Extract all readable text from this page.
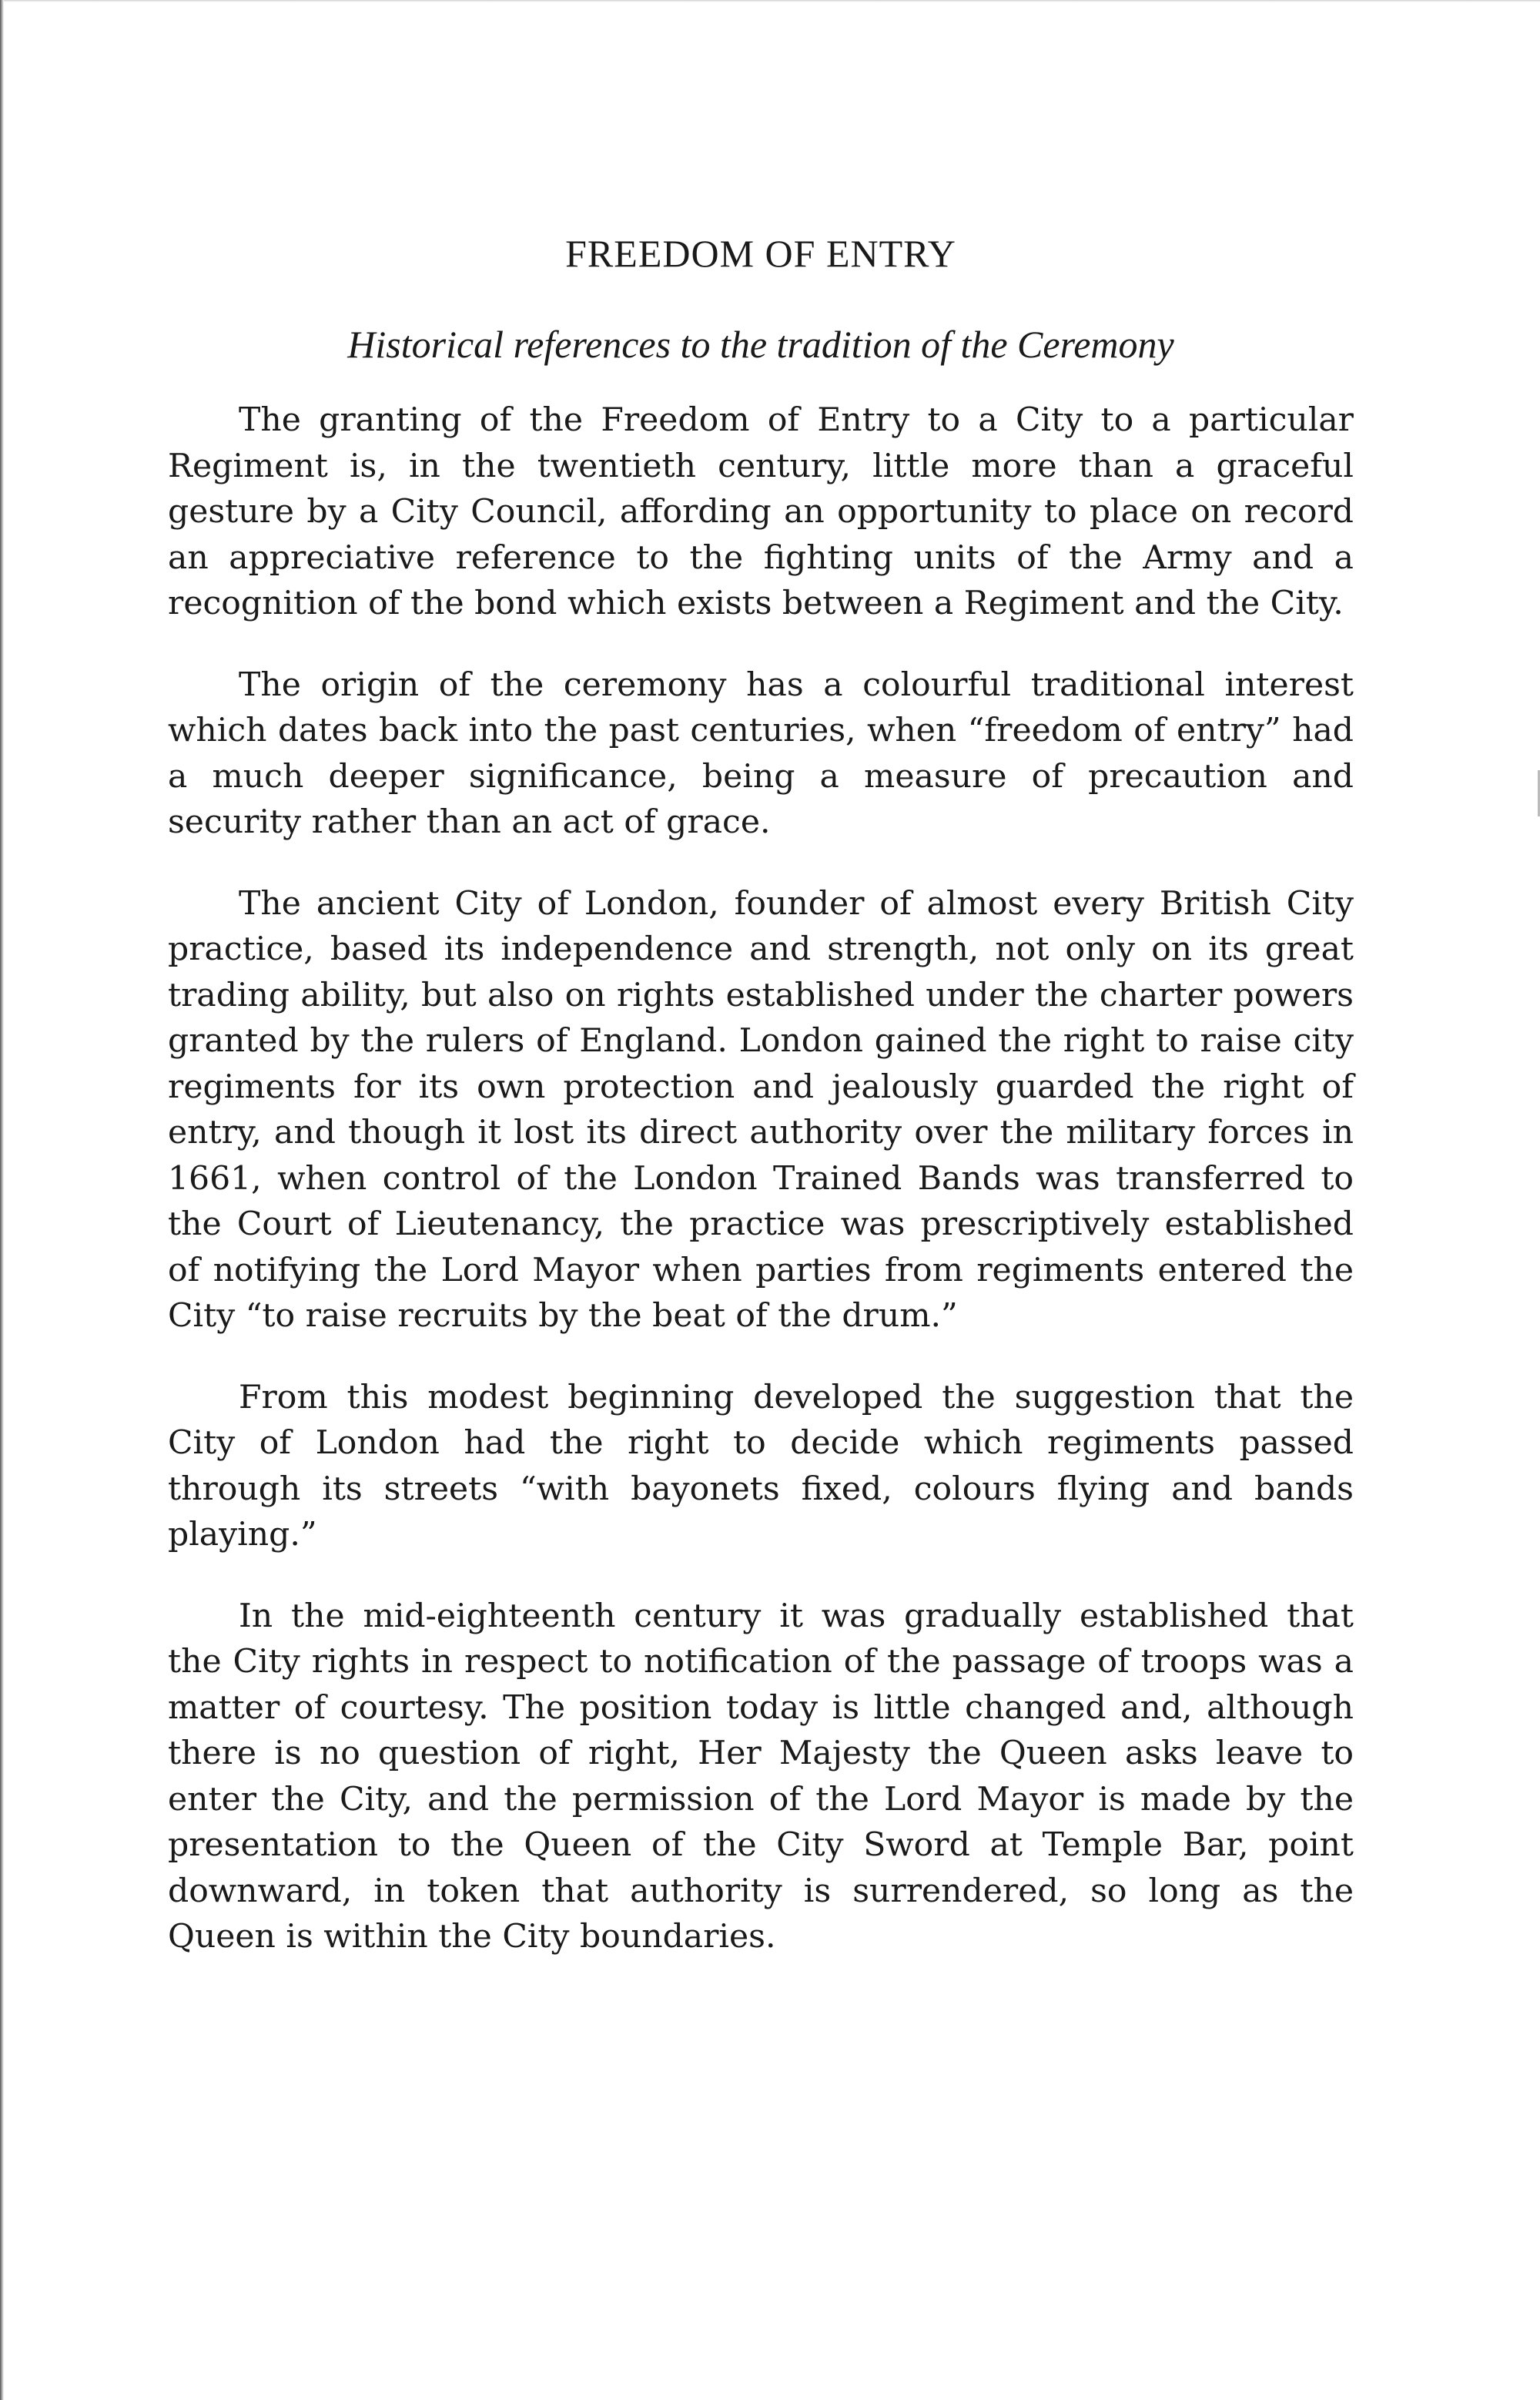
FREEDOM OF ENTRY
Historical references to the tradition of the Ceremony

The granting of the Freedom of Entry to a City to a particular Regiment is, in the twentieth century, little more than a graceful gesture by a City Council, affording an opportunity to place on record an appreciative reference to the fighting units of the Army and a recognition of the bond which exists between a Regiment and the City.

The origin of the ceremony has a colourful traditional interest which dates back into the past centuries, when “freedom of entry” had a much deeper significance, being a measure of precaution and security rather than an act of grace.

The ancient City of London, founder of almost every British City practice, based its independence and strength, not only on its great trading ability, but also on rights established under the charter powers granted by the rulers of England. London gained the right to raise city regiments for its own protection and jealously guarded the right of entry, and though it lost its direct authority over the military forces in 1661, when control of the London Trained Bands was transferred to the Court of Lieutenancy, the practice was prescriptively established of notifying the Lord Mayor when parties from regiments entered the City “to raise recruits by the beat of the drum.”

From this modest beginning developed the suggestion that the City of London had the right to decide which regiments passed through its streets “with bayonets fixed, colours flying and bands playing.”

In the mid-eighteenth century it was gradually established that the City rights in respect to notification of the passage of troops was a matter of courtesy. The position today is little changed and, although there is no question of right, Her Majesty the Queen asks leave to enter the City, and the permission of the Lord Mayor is made by the presentation to the Queen of the City Sword at Temple Bar, point downward, in token that authority is surrendered, so long as the Queen is within the City boundaries.
